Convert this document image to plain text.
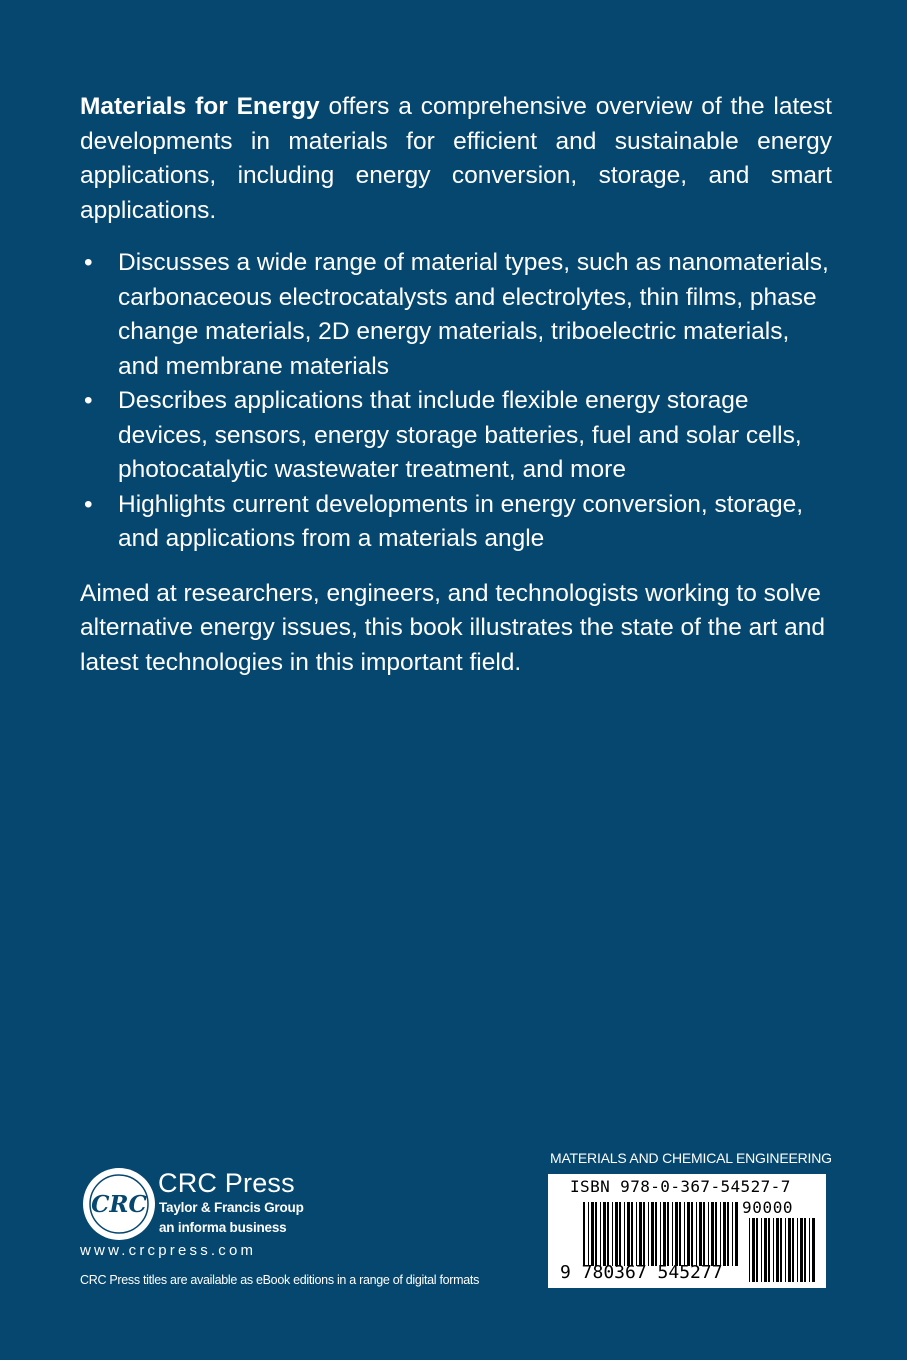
Materials for Energy offers a comprehensive overview of the latest developments in materials for efficient and sustainable energy applications, including energy conversion, storage, and smart applications.

• Discusses a wide range of material types, such as nanomaterials, carbonaceous electrocatalysts and electrolytes, thin films, phase change materials, 2D energy materials, triboelectric materials, and membrane materials
• Describes applications that include flexible energy storage devices, sensors, energy storage batteries, fuel and solar cells, photocatalytic wastewater treatment, and more
• Highlights current developments in energy conversion, storage, and applications from a materials angle

Aimed at researchers, engineers, and technologists working to solve alternative energy issues, this book illustrates the state of the art and latest technologies in this important field.

CRC
CRC Press
Taylor & Francis Group
an informa business
www.crcpress.com
CRC Press titles are available as eBook editions in a range of digital formats
MATERIALS AND CHEMICAL ENGINEERING
ISBN 978-0-367-54527-7
90000
9 780367 545277
